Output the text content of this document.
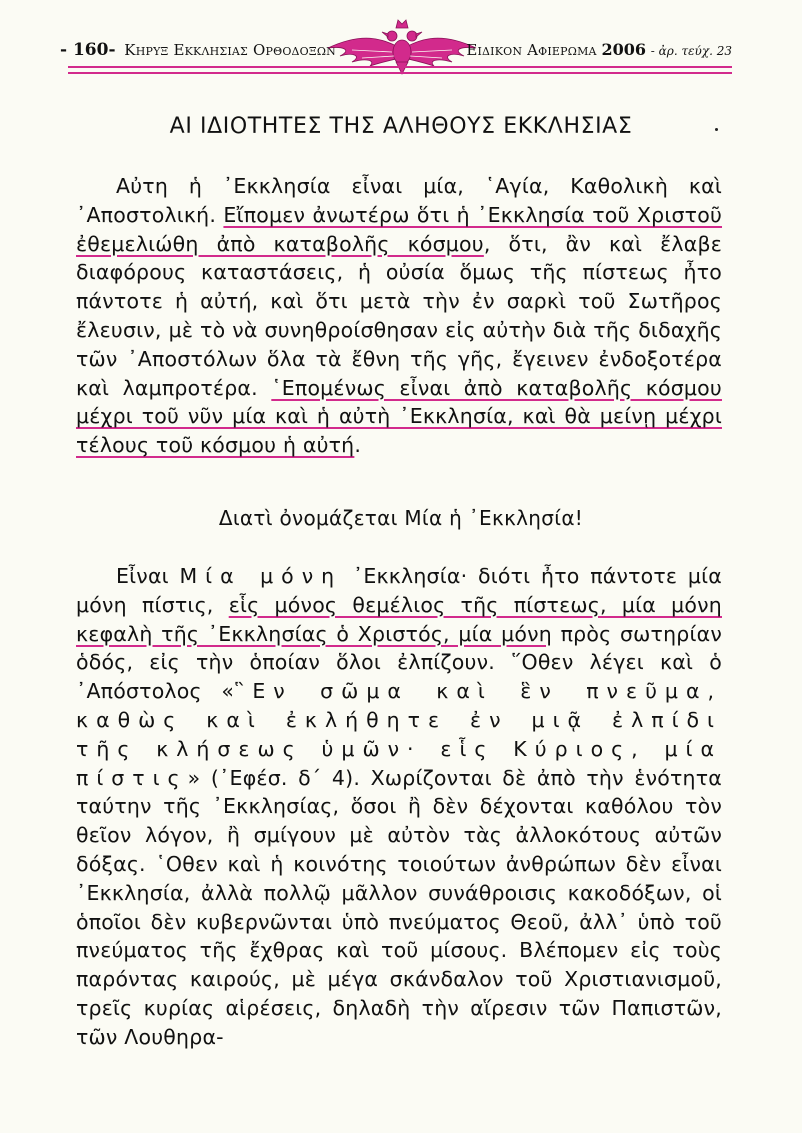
- 160- Κηρυξ Εκκλησιας Ορθοδοξων	Ειδικον Αφιερωμα 2006 - ἀρ. τεύχ. 23
ΑΙ ΙΔΙΟΤΗΤΕΣ ΤΗΣ ΑΛΗΘΟΥΣ ΕΚΚΛΗΣΙΑΣ
Αὐτη ἡ ᾿Εκκλησία εἶναι μία, ῾Αγία, Καθολικὴ καὶ ᾿Αποστολική. Εἴπομεν ἀνωτέρω ὅτι ἡ ᾿Εκκλησία τοῦ Χριστοῦ ἐθεμελιώθη ἀπὸ καταβολῆς κόσμου, ὅτι, ἂν καὶ ἔλαβε διαφόρους καταστάσεις, ἡ οὐσία ὅμως τῆς πίστεως ἦτο πάντοτε ἡ αὐτή, καὶ ὅτι μετὰ τὴν ἐν σαρκὶ τοῦ Σωτῆρος ἔλευσιν, μὲ τὸ νὰ συνηθροίσθησαν εἰς αὐτὴν διὰ τῆς διδαχῆς τῶν ᾿Αποστόλων ὅλα τὰ ἔθνη τῆς γῆς, ἔγεινεν ἐνδοξοτέρα καὶ λαμπροτέρα. ῾Επομένως εἶναι ἀπὸ καταβολῆς κόσμου μέχρι τοῦ νῦν μία καὶ ἡ αὐτὴ ᾿Εκκλησία, καὶ θὰ μείνῃ μέχρι τέλους τοῦ κόσμου ἡ αὐτή.
Διατὶ ὀνομάζεται Μία ἡ ᾿Εκκλησία!
Εἶναι Μία μόνη ᾿Εκκλησία· διότι ἦτο πάντοτε μία μόνη πίστις, εἷς μόνος θεμέλιος τῆς πίστεως, μία μόνη κεφαλὴ τῆς ᾿Εκκλησίας ὁ Χριστός, μία μόνη πρὸς σωτηρίαν ὁδός, εἰς τὴν ὁποίαν ὅλοι ἐλπίζουν. ῞Οθεν λέγει καὶ ὁ ᾿Απόστολος «῝Εν σῶμα καὶ ἓν πνεῦμα, καθὼς καὶ ἐκλήθητε ἐν μιᾷ ἐλπίδι τῆς κλήσεως ὑμῶν· εἷς Κύριος, μία πίστις» (᾿Εφέσ. δ΄ 4). Χωρίζονται δὲ ἀπὸ τὴν ἑνότητα ταύτην τῆς ᾿Εκκλησίας, ὅσοι ἢ δὲν δέχονται καθόλου τὸν θεῖον λόγον, ἢ σμίγουν μὲ αὐτὸν τὰς ἀλλοκότους αὐτῶν δόξας. ῾Οθεν καὶ ἡ κοινότης τοιούτων ἀνθρώπων δὲν εἶναι ᾿Εκκλησία, ἀλλὰ πολλῷ μᾶλλον συνάθροισις κακοδόξων, οἱ ὁποῖοι δὲν κυβερνῶνται ὑπὸ πνεύματος Θεοῦ, ἀλλ᾿ ὑπὸ τοῦ πνεύματος τῆς ἔχθρας καὶ τοῦ μίσους. Βλέπομεν εἰς τοὺς παρόντας καιρούς, μὲ μέγα σκάνδαλον τοῦ Χριστιανισμοῦ, τρεῖς κυρίας αἱρέσεις, δηλαδὴ τὴν αἵρεσιν τῶν Παπιστῶν, τῶν Λουθηρα-
